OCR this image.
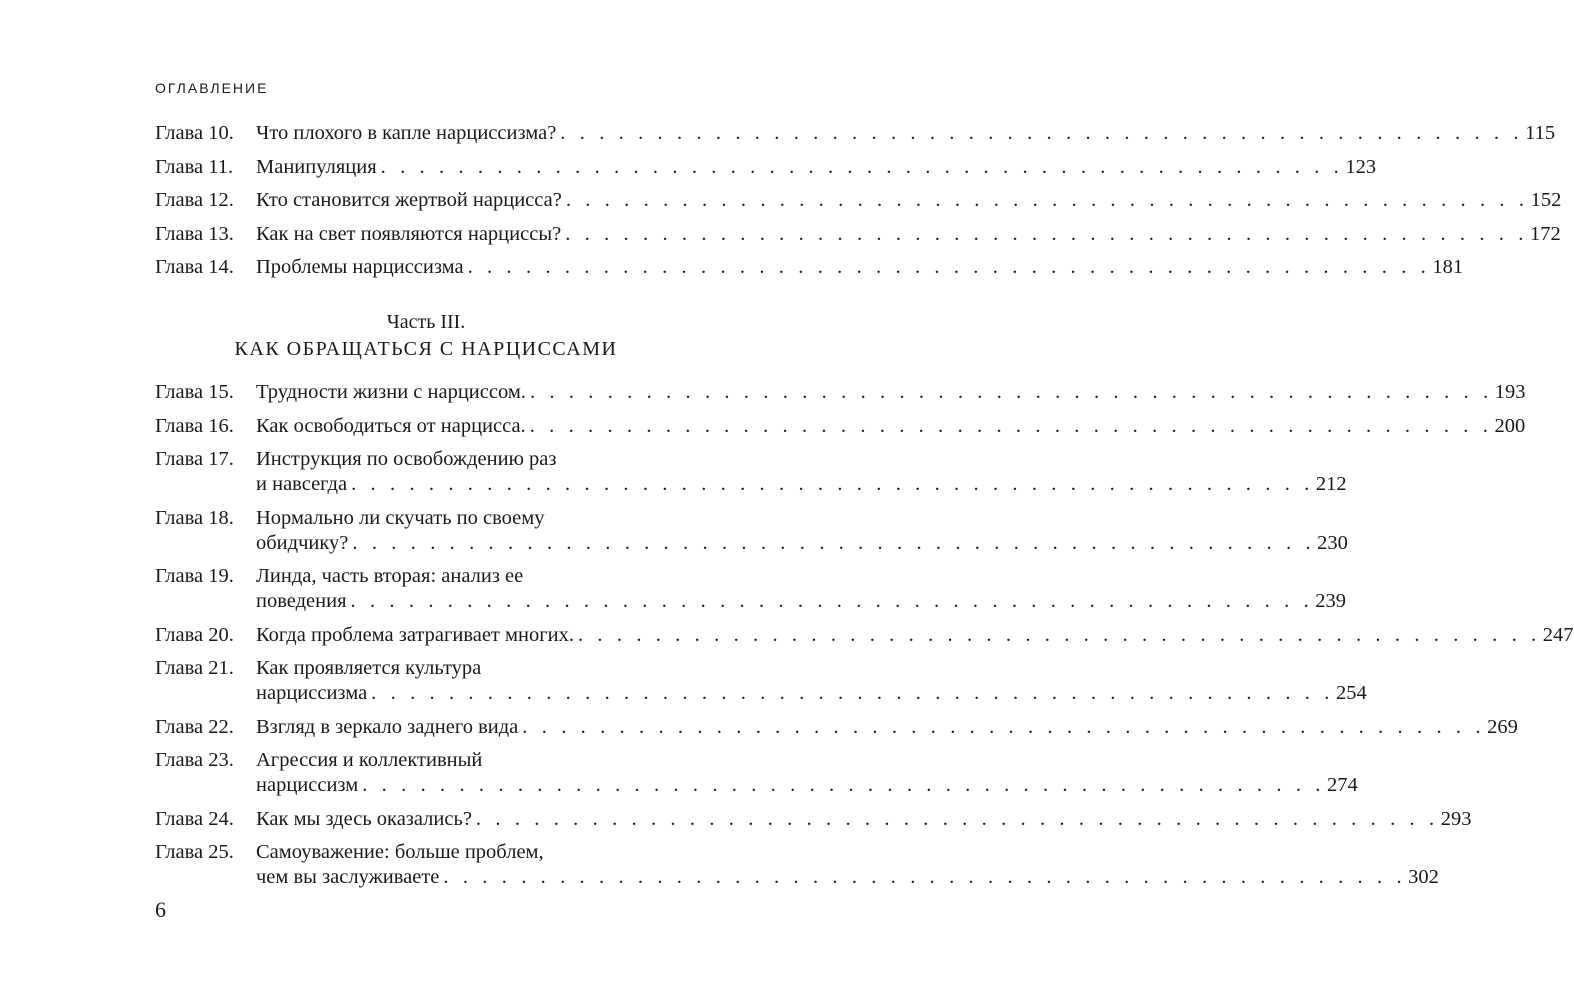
ОГЛАВЛЕНИЕ
Глава 10.	Что плохого в капле нарциссизма? . . . . . . . . . . . . . . . . . . . . . . . . . . . . . . . . . . . . . . . . . . . . . . . . . . 115
Глава 11.	Манипуляция . . . . . . . . . . . . . . . . . . . . . . . . . . . . . . . . . . . . . . . . . . . . . . . . . . 123
Глава 12.	Кто становится жертвой нарцисса? . . . . . . . . . . . . . . . . . . . . . . . . . . . . . . . . . . . . . . . . . . . . . . . . . . 152
Глава 13.	Как на свет появляются нарциссы? . . . . . . . . . . . . . . . . . . . . . . . . . . . . . . . . . . . . . . . . . . . . . . . . . . 172
Глава 14.	Проблемы нарциссизма . . . . . . . . . . . . . . . . . . . . . . . . . . . . . . . . . . . . . . . . . . . . . . . . . . 181
Часть III.
КАК ОБРАЩАТЬСЯ С НАРЦИССАМИ
Глава 15.	Трудности жизни с нарциссом. . . . . . . . . . . . . . . . . . . . . . . . . . . . . . . . . . . . . . . . . . . . . . . . . . . 193
Глава 16.	Как освободиться от нарцисса. . . . . . . . . . . . . . . . . . . . . . . . . . . . . . . . . . . . . . . . . . . . . . . . . . . 200
Глава 17.	Инструкция по освобождению раз
и навсегда . . . . . . . . . . . . . . . . . . . . . . . . . . . . . . . . . . . . . . . . . . . . . . . . . . 212
Глава 18.	Нормально ли скучать по своему
обидчику? . . . . . . . . . . . . . . . . . . . . . . . . . . . . . . . . . . . . . . . . . . . . . . . . . . 230
Глава 19.	Линда, часть вторая: анализ ее
поведения . . . . . . . . . . . . . . . . . . . . . . . . . . . . . . . . . . . . . . . . . . . . . . . . . . 239
Глава 20.	Когда проблема затрагивает многих. . . . . . . . . . . . . . . . . . . . . . . . . . . . . . . . . . . . . . . . . . . . . . . . . . . 247
Глава 21.	Как проявляется культура
нарциссизма . . . . . . . . . . . . . . . . . . . . . . . . . . . . . . . . . . . . . . . . . . . . . . . . . . 254
Глава 22.	Взгляд в зеркало заднего вида . . . . . . . . . . . . . . . . . . . . . . . . . . . . . . . . . . . . . . . . . . . . . . . . . . 269
Глава 23.	Агрессия и коллективный
нарциссизм . . . . . . . . . . . . . . . . . . . . . . . . . . . . . . . . . . . . . . . . . . . . . . . . . . 274
Глава 24.	Как мы здесь оказались? . . . . . . . . . . . . . . . . . . . . . . . . . . . . . . . . . . . . . . . . . . . . . . . . . . 293
Глава 25.	Самоуважение: больше проблем,
чем вы заслуживаете . . . . . . . . . . . . . . . . . . . . . . . . . . . . . . . . . . . . . . . . . . . . . . . . . . 302
6
